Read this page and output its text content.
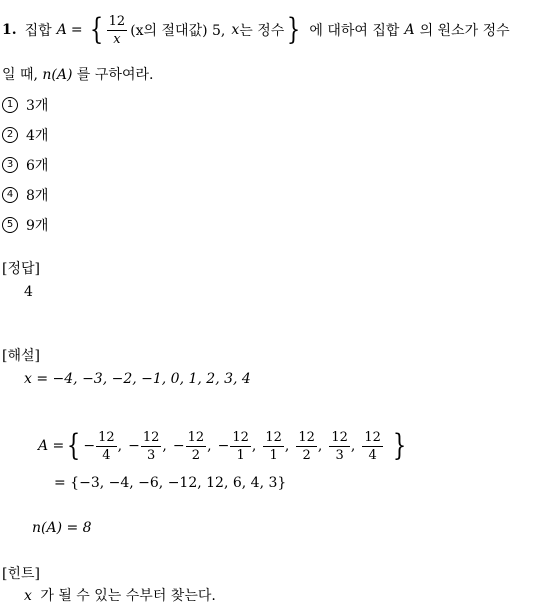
1. 집합 A = { $\frac{12}{x} (x$의 절대값) 5, x 는 정수 } 에 대하여 집합 A 의 원소가 정수
일 때, n(A) 를 구하여라.
1 3개
2 4개
3 6개
4 8개
5 9개
[정답]
4
[해설]
x = −4, −3, −2, −1, 0, 1, 2, 3, 4
A = { − $\frac{12}{4}$ , − $\frac{12}{3}$ , − $\frac{12}{2}$ , − $\frac{12}{1}$ , $\frac{12}{1}$ , $\frac{12}{2}$ , $\frac{12}{3}$ , $\frac{12}{4}$ }
= {−3, −4, −6, −12, 12, 6, 4, 3}
n(A) = 8
[힌트]
x 가 될 수 있는 수부터 찾는다.
